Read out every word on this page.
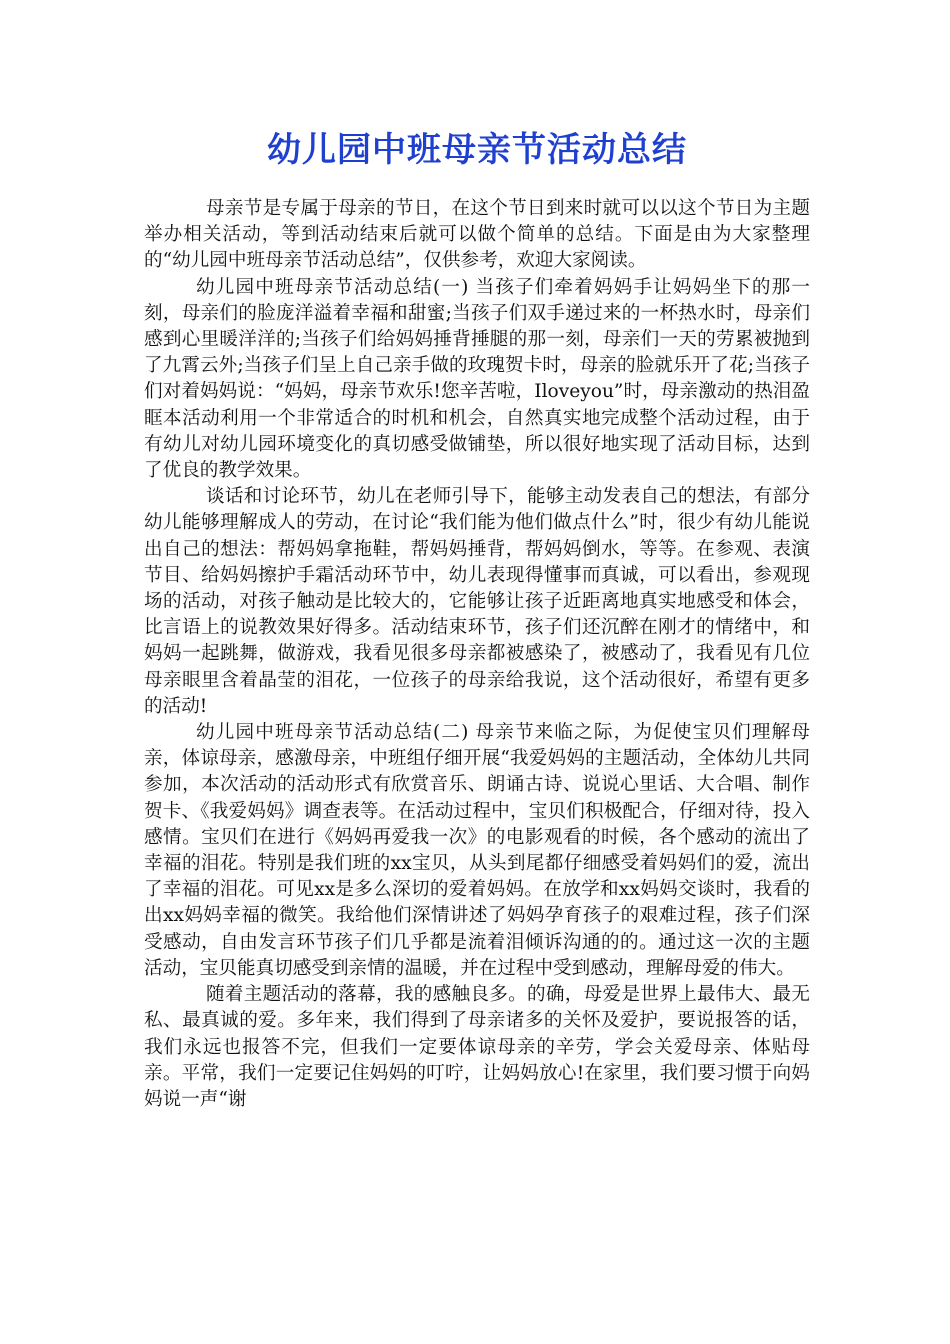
幼儿园中班母亲节活动总结

母亲节是专属于母亲的节日，在这个节日到来时就可以以这个节日为主题举办相关活动，等到活动结束后就可以做个简单的总结。下面是由为大家整理的“幼儿园中班母亲节活动总结”，仅供参考，欢迎大家阅读。

幼儿园中班母亲节活动总结(一) 当孩子们牵着妈妈手让妈妈坐下的那一刻，母亲们的脸庞洋溢着幸福和甜蜜;当孩子们双手递过来的一杯热水时，母亲们感到心里暖洋洋的;当孩子们给妈妈捶背捶腿的那一刻，母亲们一天的劳累被抛到了九霄云外;当孩子们呈上自己亲手做的玫瑰贺卡时，母亲的脸就乐开了花;当孩子们对着妈妈说：“妈妈，母亲节欢乐!您辛苦啦，Iloveyou”时，母亲激动的热泪盈眶本活动利用一个非常适合的时机和机会，自然真实地完成整个活动过程，由于有幼儿对幼儿园环境变化的真切感受做铺垫，所以很好地实现了活动目标，达到了优良的教学效果。

谈话和讨论环节，幼儿在老师引导下，能够主动发表自己的想法，有部分幼儿能够理解成人的劳动，在讨论“我们能为他们做点什么”时，很少有幼儿能说出自己的想法：帮妈妈拿拖鞋，帮妈妈捶背，帮妈妈倒水，等等。在参观、表演节目、给妈妈擦护手霜活动环节中，幼儿表现得懂事而真诚，可以看出，参观现场的活动，对孩子触动是比较大的，它能够让孩子近距离地真实地感受和体会，比言语上的说教效果好得多。活动结束环节，孩子们还沉醉在刚才的情绪中，和妈妈一起跳舞，做游戏，我看见很多母亲都被感染了，被感动了，我看见有几位母亲眼里含着晶莹的泪花，一位孩子的母亲给我说，这个活动很好，希望有更多的活动!

幼儿园中班母亲节活动总结(二) 母亲节来临之际，为促使宝贝们理解母亲，体谅母亲，感激母亲，中班组仔细开展“我爱妈妈的主题活动，全体幼儿共同参加，本次活动的活动形式有欣赏音乐、朗诵古诗、说说心里话、大合唱、制作贺卡、《我爱妈妈》调查表等。在活动过程中，宝贝们积极配合，仔细对待，投入感情。宝贝们在进行《妈妈再爱我一次》的电影观看的时候，各个感动的流出了幸福的泪花。特别是我们班的xx宝贝，从头到尾都仔细感受着妈妈们的爱，流出了幸福的泪花。可见xx是多么深切的爱着妈妈。在放学和xx妈妈交谈时，我看的出xx妈妈幸福的微笑。我给他们深情讲述了妈妈孕育孩子的艰难过程，孩子们深受感动，自由发言环节孩子们几乎都是流着泪倾诉沟通的的。通过这一次的主题活动，宝贝能真切感受到亲情的温暖，并在过程中受到感动，理解母爱的伟大。

随着主题活动的落幕，我的感触良多。的确，母爱是世界上最伟大、最无私、最真诚的爱。多年来，我们得到了母亲诸多的关怀及爱护，要说报答的话，我们永远也报答不完，但我们一定要体谅母亲的辛劳，学会关爱母亲、体贴母亲。平常，我们一定要记住妈妈的叮咛，让妈妈放心!在家里，我们要习惯于向妈妈说一声“谢
